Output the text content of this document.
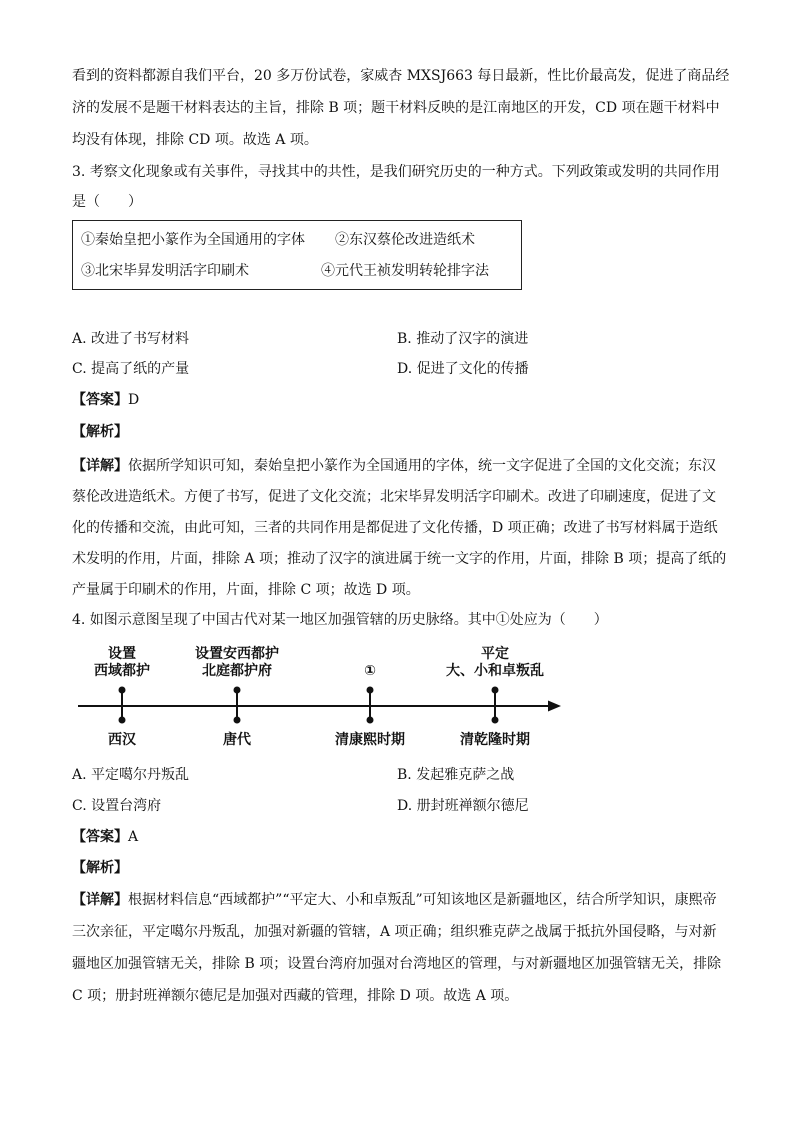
看到的资料都源自我们平台，20 多万份试卷，家威杏 MXSJ663 每日最新，性比价最高发，促进了商品经
济的发展不是题干材料表达的主旨，排除 B 项；题干材料反映的是江南地区的开发，CD 项在题干材料中
均没有体现，排除 CD 项。故选 A 项。
3. 考察文化现象或有关事件，寻找其中的共性，是我们研究历史的一种方式。下列政策或发明的共同作用
是（　　）
①秦始皇把小篆作为全国通用的字体 ②东汉蔡伦改进造纸术
③北宋毕昇发明活字印刷术	④元代王祯发明转轮排字法
A. 改进了书写材料	B. 推动了汉字的演进
C. 提高了纸的产量	D. 促进了文化的传播
【答案】D
【解析】
【详解】依据所学知识可知，秦始皇把小篆作为全国通用的字体，统一文字促进了全国的文化交流；东汉
蔡伦改进造纸术。方便了书写，促进了文化交流；北宋毕昇发明活字印刷术。改进了印刷速度，促进了文
化的传播和交流，由此可知，三者的共同作用是都促进了文化传播，D 项正确；改进了书写材料属于造纸
术发明的作用，片面，排除 A 项；推动了汉字的演进属于统一文字的作用，片面，排除 B 项；提高了纸的
产量属于印刷术的作用，片面，排除 C 项；故选 D 项。
4. 如图示意图呈现了中国古代对某一地区加强管辖的历史脉络。其中①处应为（　　）
设置
西域都护
西汉
设置安西都护
北庭都护府
唐代
①
清康熙时期
平定
大、小和卓叛乱
清乾隆时期
A. 平定噶尔丹叛乱	B. 发起雅克萨之战
C. 设置台湾府	D. 册封班禅额尔德尼
【答案】A
【解析】
【详解】根据材料信息“西域都护”“平定大、小和卓叛乱”可知该地区是新疆地区，结合所学知识，康熙帝
三次亲征，平定噶尔丹叛乱，加强对新疆的管辖，A 项正确；组织雅克萨之战属于抵抗外国侵略，与对新
疆地区加强管辖无关，排除 B 项；设置台湾府加强对台湾地区的管理，与对新疆地区加强管辖无关，排除
C 项；册封班禅额尔德尼是加强对西藏的管理，排除 D 项。故选 A 项。
